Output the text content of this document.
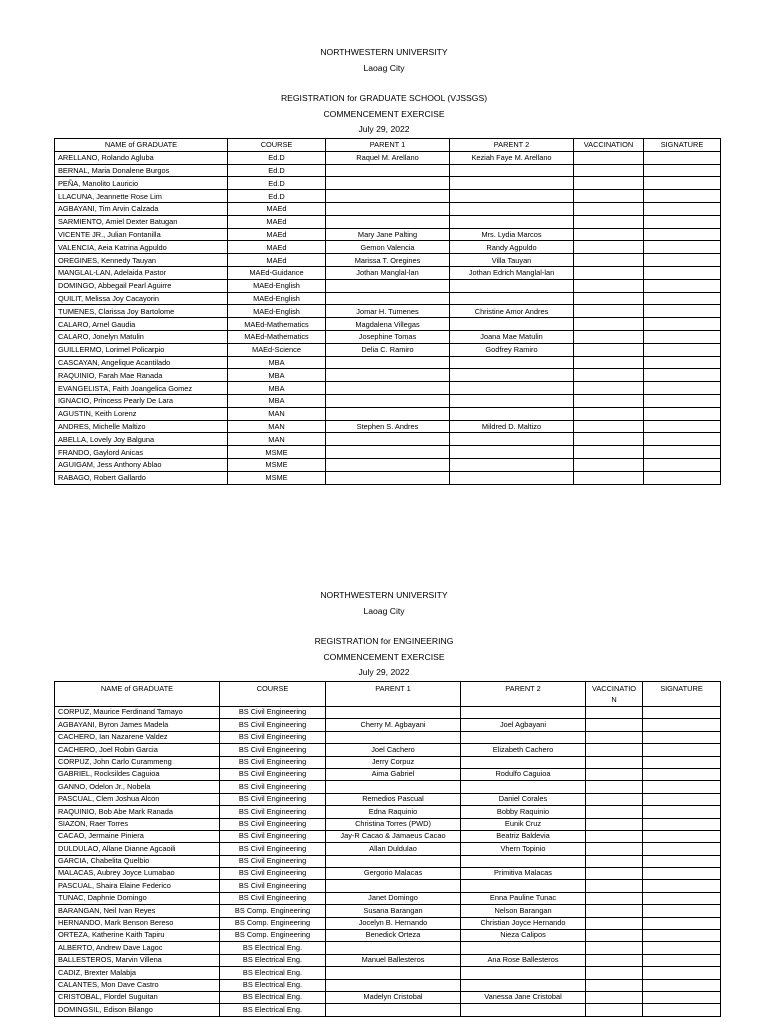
NORTHWESTERN UNIVERSITY
Laoag City
REGISTRATION for GRADUATE SCHOOL (VJSSGS)
COMMENCEMENT EXERCISE
July 29, 2022
NAME of GRADUATE	COURSE	PARENT 1	PARENT 2	VACCINATION	SIGNATURE
ARELLANO, Rolando Agluba	Ed.D	Raquel M. Arellano	Keziah Faye M. Arellano		
BERNAL, Maria Donalene Burgos	Ed.D				
PEÑA, Manolito Lauricio	Ed.D				
LLACUNA, Jeannette Rose Lim	Ed.D				
AGBAYANI, Tim Arvin Calzada	MAEd				
SARMIENTO, Amiel Dexter Batugan	MAEd				
VICENTE JR., Julian Fontanilla	MAEd	Mary Jane Palting	Mrs. Lydia Marcos		
VALENCIA, Aeia Katrina Agpuldo	MAEd	Gemon Valencia	Randy Agpuldo		
OREGINES, Kennedy Tauyan	MAEd	Marissa T. Oregines	Villa Tauyan		
MANGLAL-LAN, Adelaida Pastor	MAEd-Guidance	Jothan Manglal-lan	Jothan Edrich Manglal-lan		
DOMINGO, Abbegail Pearl Aguirre	MAEd-English				
QUILIT, Melissa Joy Cacayorin	MAEd-English				
TUMENES, Clarissa Joy Bartolome	MAEd-English	Jomar H. Tumenes	Christine Amor Andres		
CALARO, Arnel Gaudia	MAEd-Mathematics	Magdalena Villegas			
CALARO, Jonelyn Matulin	MAEd-Mathematics	Josephine Tomas	Joana Mae Matulin		
GUILLERMO, Lorimel Policarpio	MAEd-Science	Delia C. Ramiro	Godfrey Ramiro		
CASCAYAN, Angelique Acantilado	MBA				
RAQUINIO, Farah Mae Ranada	MBA				
EVANGELISTA, Faith Joangelica Gomez	MBA				
IGNACIO, Princess Pearly De Lara	MBA				
AGUSTIN, Keith Lorenz	MAN				
ANDRES, Michelle Maltizo	MAN	Stephen S. Andres	Mildred D. Maltizo		
ABELLA, Lovely Joy Balguna	MAN				
FRANDO, Gaylord Anicas	MSME				
AGUIGAM, Jess Anthony Ablao	MSME				
RABAGO, Robert Gallardo	MSME				
NORTHWESTERN UNIVERSITY
Laoag City
REGISTRATION for ENGINEERING
COMMENCEMENT EXERCISE
July 29, 2022
NAME of GRADUATE	COURSE	PARENT 1	PARENT 2	VACCINATIO N	SIGNATURE
CORPUZ, Maurice Ferdinand Tamayo	BS Civil Engineering				
AGBAYANI, Byron James Madela	BS Civil Engineering	Cherry M. Agbayani	Joel Agbayani		
CACHERO, Ian Nazarene Valdez	BS Civil Engineering				
CACHERO, Joel Robin Garcia	BS Civil Engineering	Joel Cachero	Elizabeth Cachero		
CORPUZ, John Carlo Curammeng	BS Civil Engineering	Jerry Corpuz			
GABRIEL, Rocksildes Caguioa	BS Civil Engineering	Aima Gabriel	Rodulfo Caguioa		
GANNO, Odelon Jr., Nobela	BS Civil Engineering				
PASCUAL, Clem Joshua Alcon	BS Civil Engineering	Remedios Pascual	Daniel Corales		
RAQUINIO, Bob Abe Mark Ranada	BS Civil Engineering	Edna Raquinio	Bobby Raquinio		
SIAZON, Raer Torres	BS Civil Engineering	Christina Torres (PWD)	Eunik Cruz		
CACAO, Jermaine Piniera	BS Civil Engineering	Jay-R Cacao & Jamaeus Cacao	Beatriz Baldevia		
DULDULAO, Allane Dianne Agcaoili	BS Civil Engineering	Allan Duldulao	Vhern Topinio		
GARCIA, Chabelita Quelbio	BS Civil Engineering				
MALACAS, Aubrey Joyce Lumabao	BS Civil Engineering	Gergorio Malacas	Primitiva Malacas		
PASCUAL, Shaira Elaine Federico	BS Civil Engineering				
TUNAC, Daphnie Domingo	BS Civil Engineering	Janet Domingo	Enna Pauline Tunac		
BARANGAN, Neil Ivan Reyes	BS Comp. Engineering	Susana Barangan	Nelson Barangan		
HERNANDO, Mark Benson Bereso	BS Comp. Engineering	Jocelyn B. Hernando	Christian Joyce Hernando		
ORTEZA, Katherine Kaith Tapiru	BS Comp. Engineering	Benedick Orteza	Nieza Calipos		
ALBERTO, Andrew Dave Lagoc	BS Electrical Eng.				
BALLESTEROS, Marvin Villena	BS Electrical Eng.	Manuel Ballesteros	Ana Rose Ballesteros		
CADIZ, Brexter Malabja	BS Electrical Eng.				
CALANTES, Mon Dave Castro	BS Electrical Eng.				
CRISTOBAL, Flordel Suguitan	BS Electrical Eng.	Madelyn Cristobal	Vanessa Jane Cristobal		
DOMINGSIL, Edison Bilango	BS Electrical Eng.				
